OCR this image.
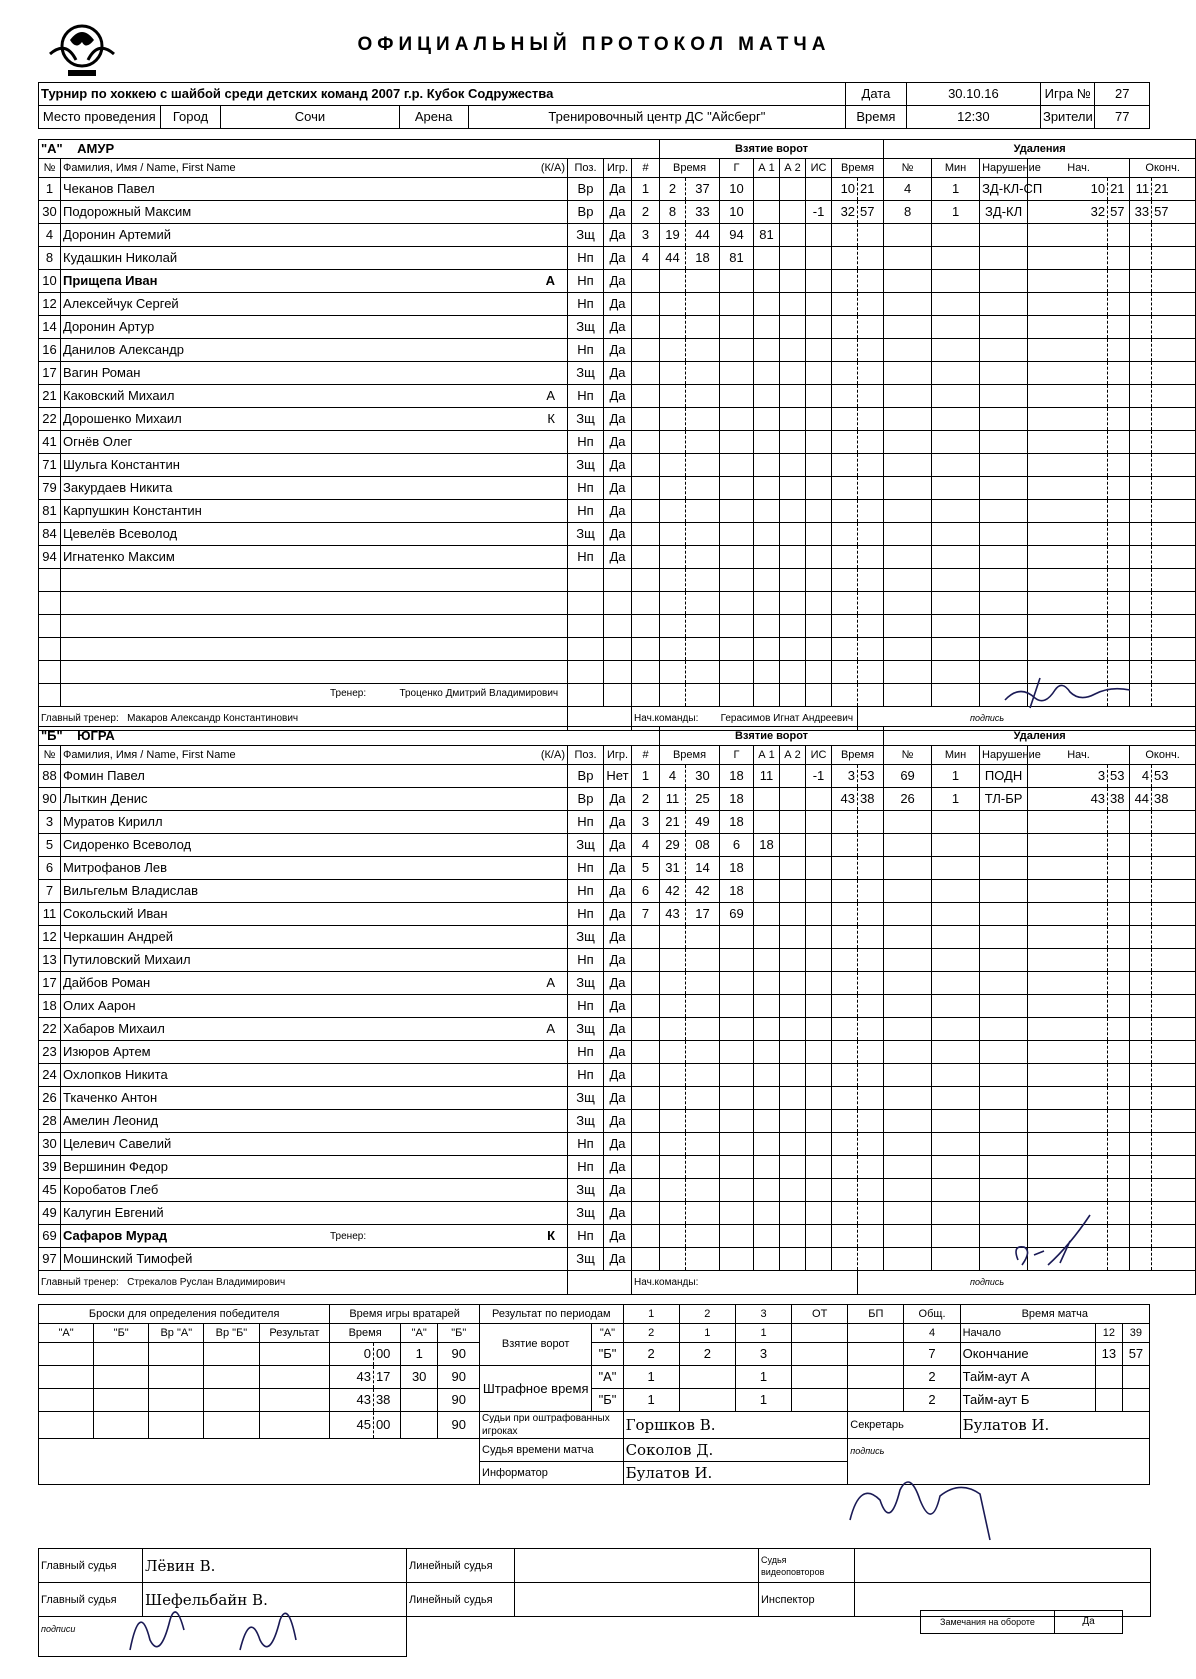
ОФИЦИАЛЬНЫЙ ПРОТОКОЛ МАТЧА
Турнир по хоккею с шайбой среди детских команд 2007 г.р. Кубок Содружества					Дата	30.10.16	Игра №	27
Место проведения	Город	Сочи	Арена	Тренировочный центр ДС "Айсберг"	Время	12:30	Зрители	77
"А" АМУР					Взятие ворот								Удаления						
№	Фамилия, Имя / Name, First Name (К/А)	Поз.	Игр.	#	Время		Г	А 1	А 2	ИС	Время		№	Мин	Нарушение	Нач.		Оконч.	
1	Чеканов Павел	Вр	Да	1	2	37	10				10	21	4	1	ЗД-КЛ-СП	10	21	11	21
30	Подорожный Максим	Вр	Да	2	8	33	10			-1	32	57	8	1	ЗД-КЛ	32	57	33	57
4	Доронин Артемий	Зщ	Да	3	19	44	94	81											
8	Кудашкин Николай	Нп	Да	4	44	18	81												
10	Прищепа Иван А	Нп	Да																
12	Алексейчук Сергей	Нп	Да																
14	Доронин Артур	Зщ	Да																
16	Данилов Александр	Нп	Да																
17	Вагин Роман	Зщ	Да																
21	Каковский Михаил А	Нп	Да																
22	Дорошенко Михаил К	Зщ	Да																
41	Огнёв Олег	Нп	Да																
71	Шульга Константин	Зщ	Да																
79	Закурдаев Никита	Нп	Да																
81	Карпушкин Константин	Нп	Да																
84	Цевелёв Всеволод	Зщ	Да																
94	Игнатенко Максим	Нп	Да																

Главный тренер: Макаров Александр Константинович				Нач.команды: Герасимов Игнат Андреевич								подпись							
"Б" ЮГРА					Взятие ворот								Удаления						
№	Фамилия, Имя / Name, First Name (К/А)	Поз.	Игр.	#	Время		Г	А 1	А 2	ИС	Время		№	Мин	Нарушение	Нач.		Оконч.	
88	Фомин Павел	Вр	Нет	1	4	30	18	11		-1	3	53	69	1	ПОДН	3	53	4	53
90	Лыткин Денис	Вр	Да	2	11	25	18				43	38	26	1	ТЛ-БР	43	38	44	38
3	Муратов Кирилл	Нп	Да	3	21	49	18												
5	Сидоренко Всеволод	Зщ	Да	4	29	08	6	18											
6	Митрофанов Лев	Нп	Да	5	31	14	18												
7	Вильгельм Владислав	Нп	Да	6	42	42	18												
11	Сокольский Иван	Нп	Да	7	43	17	69												
12	Черкашин Андрей	Зщ	Да																
13	Путиловский Михаил	Нп	Да																
17	Дайбов Роман А	Зщ	Да																
18	Олих Аарон	Нп	Да																
22	Хабаров Михаил А	Зщ	Да																
23	Изюров Артем	Нп	Да																
24	Охлопков Никита	Нп	Да																
26	Ткаченко Антон	Зщ	Да																
28	Амелин Леонид	Зщ	Да																
30	Целевич Савелий	Нп	Да																
39	Вершинин Федор	Нп	Да																
45	Коробатов Глеб	Зщ	Да																
49	Калугин Евгений	Зщ	Да																
69	Сафаров Мурад К	Нп	Да																
97	Мошинский Тимофей	Зщ	Да																
Главный тренер: Стрекалов Руслан Владимирович				Нач.команды:								подпись							
Броски для определения победителя					Время игры вратарей				Результат по периодам		1	2	3	ОТ	БП	Общ.	Время матча		
"А"	"Б"	Вр "А"	Вр "Б"	Результат	Время		"А"	"Б"	Взятие ворот	"А"	2	1	1			4	Начало	12	39
					0	00	1	90		"Б"	2	2	3			7	Окончание	13	57
					43	17	30	90	Штрафное время	"А"	1		1			2	Тайм-аут А		
					43	38		90		"Б"	1		1			2	Тайм-аут Б		
					45	00		90	Судьи при оштрафованных игроках		Горшков В.				Секретарь		Булатов И.		
									Судья времени матча		Соколов Д.				подпись				
									Информатор		Булатов И.								
Главный судья	Лёвин В.	Линейный судья		Судья видеоповторов	
Главный судья	Шефельбайн В.	Линейный судья		Инспектор	
подписи					
Замечания на обороте	Да
Тренер:	Троценко Дмитрий Владимирович
Тренер:
